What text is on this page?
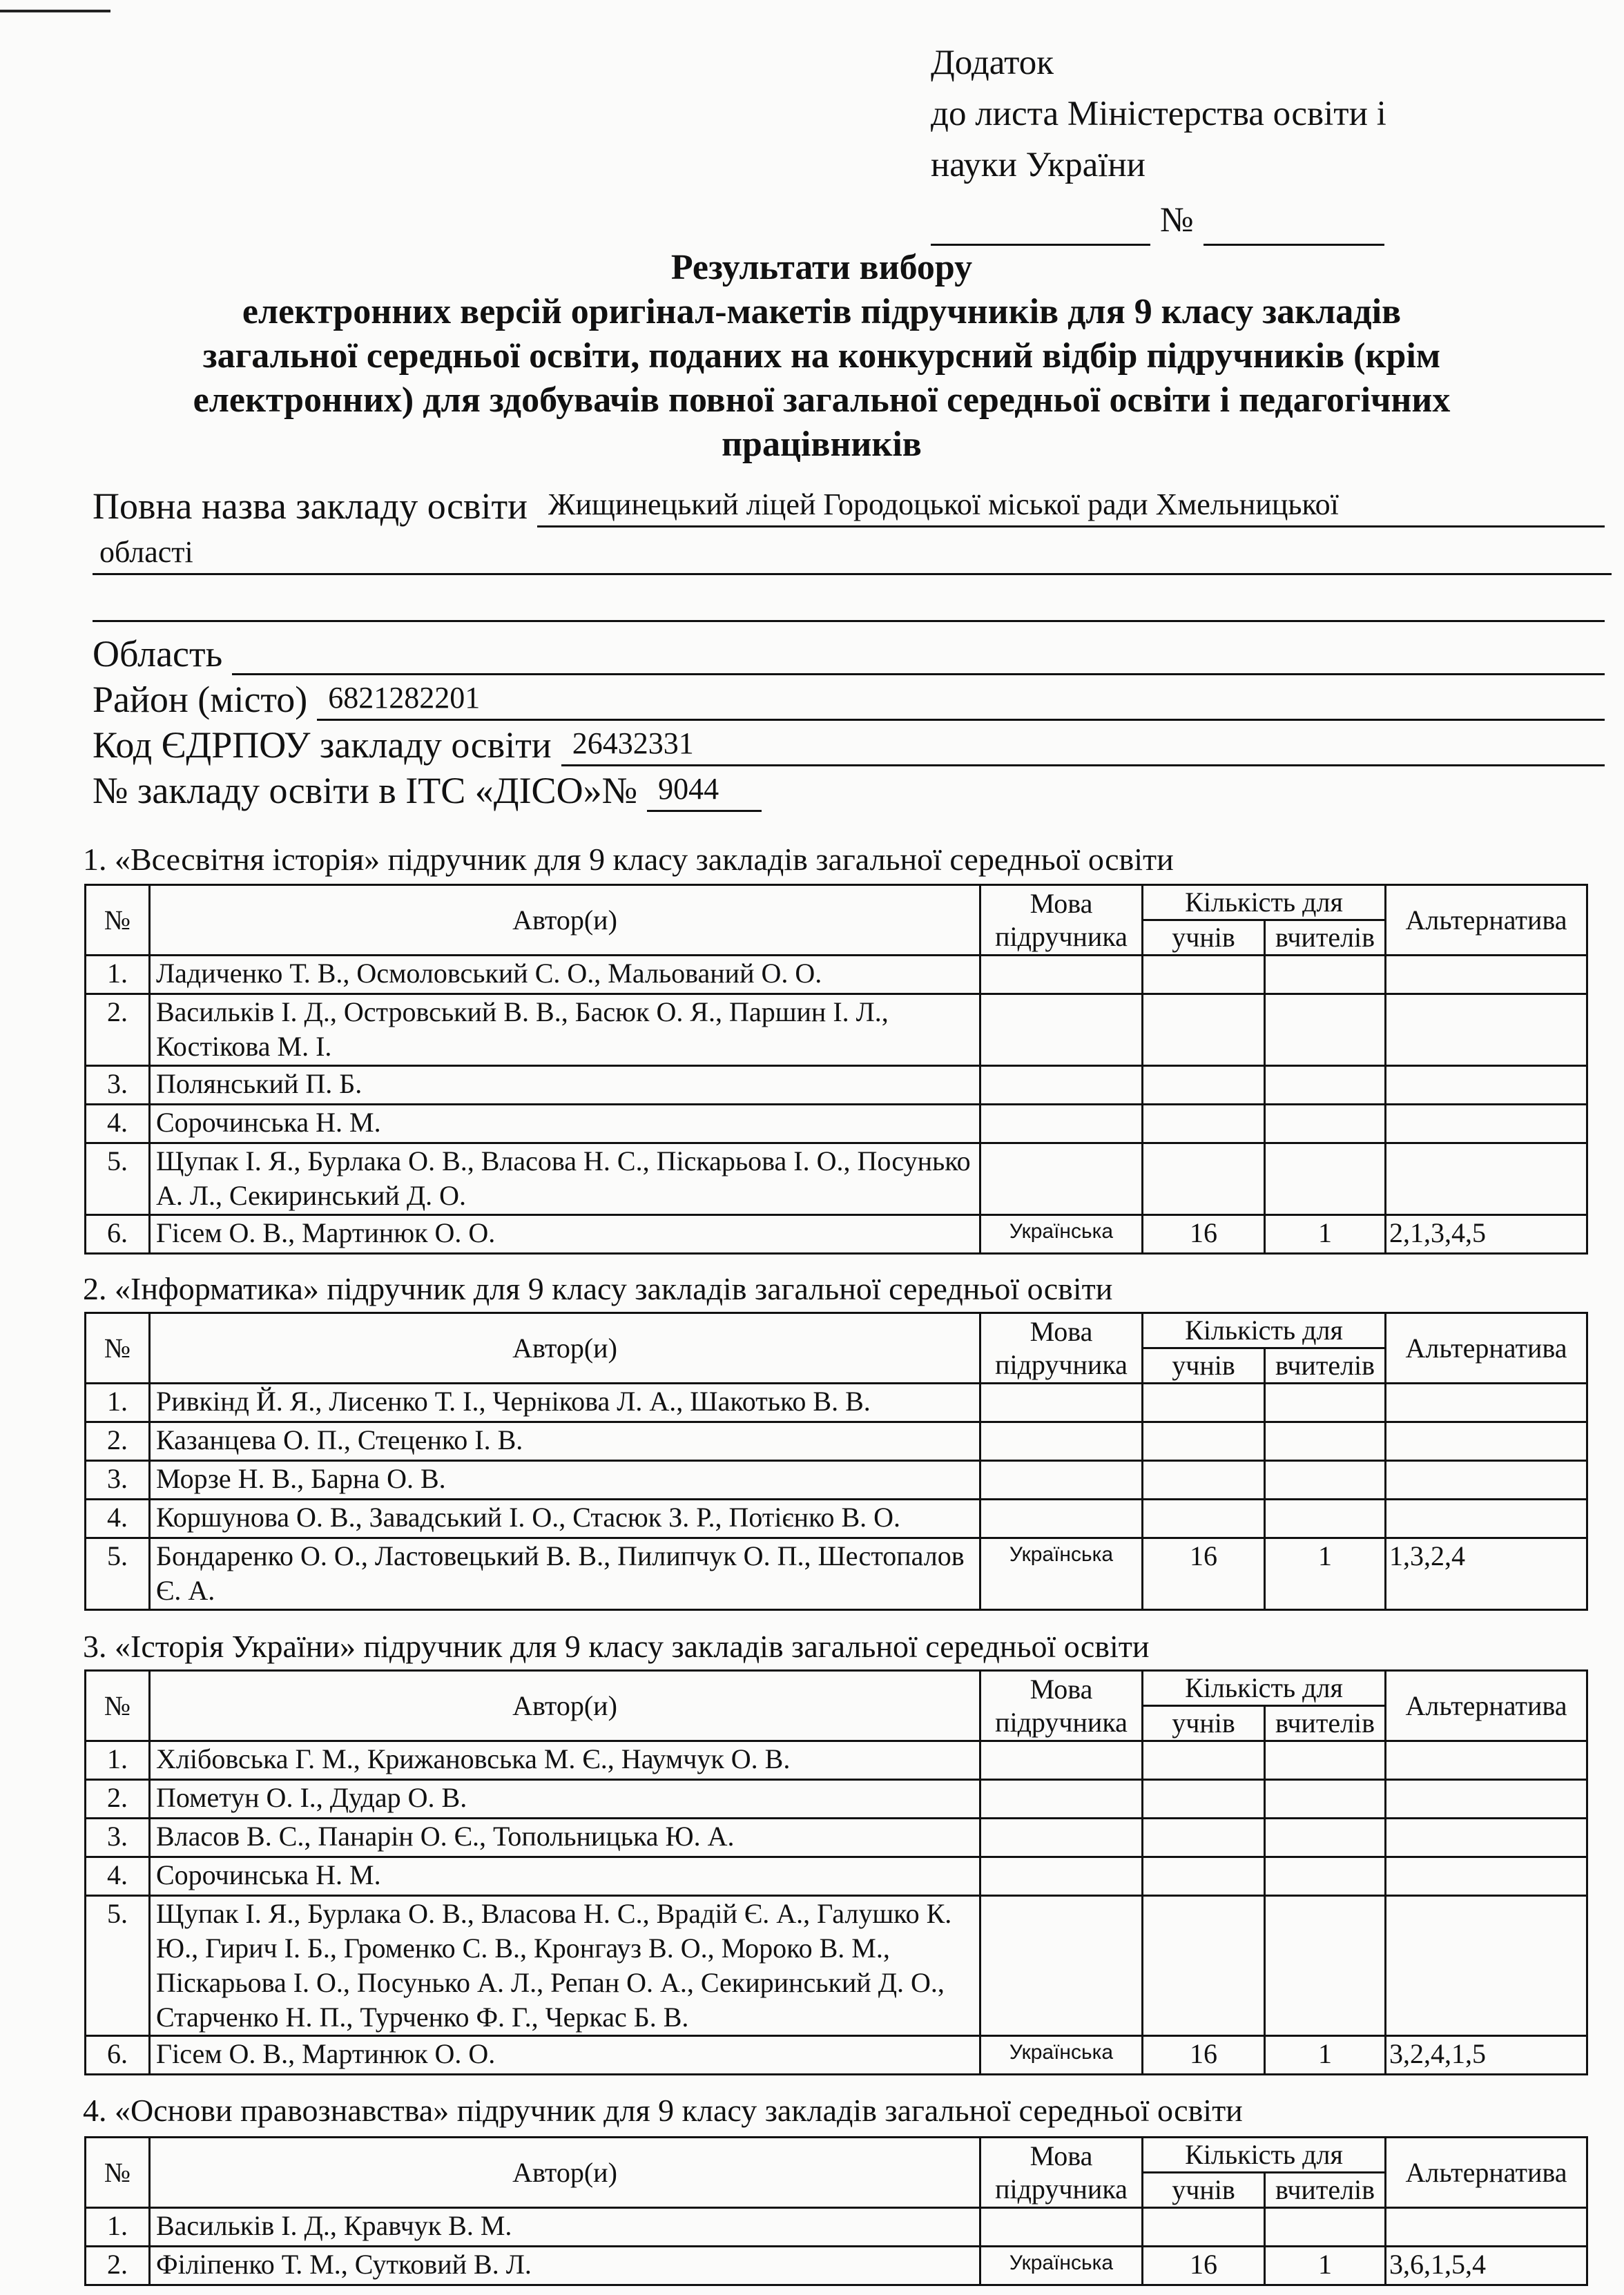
Додаток
до листа Міністерства освіти і
науки України
№
Результати вибору
електронних версій оригінал-макетів підручників для 9 класу закладів
загальної середньої освіти, поданих на конкурсний відбір підручників (крім
електронних) для здобувачів повної загальної середньої освіти і педагогічних
працівників
Повна назва закладу освіти Жищинецький ліцей Городоцької міської ради Хмельницької
області
Область
Район (місто) 6821282201
Код ЄДРПОУ закладу освіти 26432331
№ закладу освіти в ІТС «ДІСО»№ 9044
1. «Всесвітня історія» підручник для 9 класу закладів загальної середньої освіти
№	Автор(и)	Мова підручника	Кількість для		Альтернатива
			учнів	вчителів	
1.	Ладиченко Т. В., Осмоловський С. О., Мальований О. О.				
2.	Васильків І. Д., Островський В. В., Басюк О. Я., Паршин І. Л., Костікова М. І.				
3.	Полянський П. Б.				
4.	Сорочинська Н. М.				
5.	Щупак І. Я., Бурлака О. В., Власова Н. С., Піскарьова І. О., Посунько А. Л., Секиринський Д. О.				
6.	Гісем О. В., Мартинюк О. О.	Українська	16	1	2,1,3,4,5
2. «Інформатика» підручник для 9 класу закладів загальної середньої освіти
№	Автор(и)	Мова підручника	Кількість для		Альтернатива
			учнів	вчителів	
1.	Ривкінд Й. Я., Лисенко Т. І., Чернікова Л. А., Шакотько В. В.				
2.	Казанцева О. П., Стеценко І. В.				
3.	Морзе Н. В., Барна О. В.				
4.	Коршунова О. В., Завадський І. О., Стасюк З. Р., Потієнко В. О.				
5.	Бондаренко О. О., Ластовецький В. В., Пилипчук О. П., Шестопалов Є. А.	Українська	16	1	1,3,2,4
3. «Історія України» підручник для 9 класу закладів загальної середньої освіти
№	Автор(и)	Мова підручника	Кількість для		Альтернатива
			учнів	вчителів	
1.	Хлібовська Г. М., Крижановська М. Є., Наумчук О. В.				
2.	Пометун О. І., Дудар О. В.				
3.	Власов В. С., Панарін О. Є., Топольницька Ю. А.				
4.	Сорочинська Н. М.				
5.	Щупак І. Я., Бурлака О. В., Власова Н. С., Врадій Є. А., Галушко К. Ю., Гирич І. Б., Громенко С. В., Кронгауз В. О., Мороко В. М., Піскарьова І. О., Посунько А. Л., Репан О. А., Секиринський Д. О., Старченко Н. П., Турченко Ф. Г., Черкас Б. В.				
6.	Гісем О. В., Мартинюк О. О.	Українська	16	1	3,2,4,1,5
4. «Основи правознавства» підручник для 9 класу закладів загальної середньої освіти
№	Автор(и)	Мова підручника	Кількість для		Альтернатива
			учнів	вчителів	
1.	Васильків І. Д., Кравчук В. М.				
2.	Філіпенко Т. М., Сутковий В. Л.	Українська	16	1	3,6,1,5,4
